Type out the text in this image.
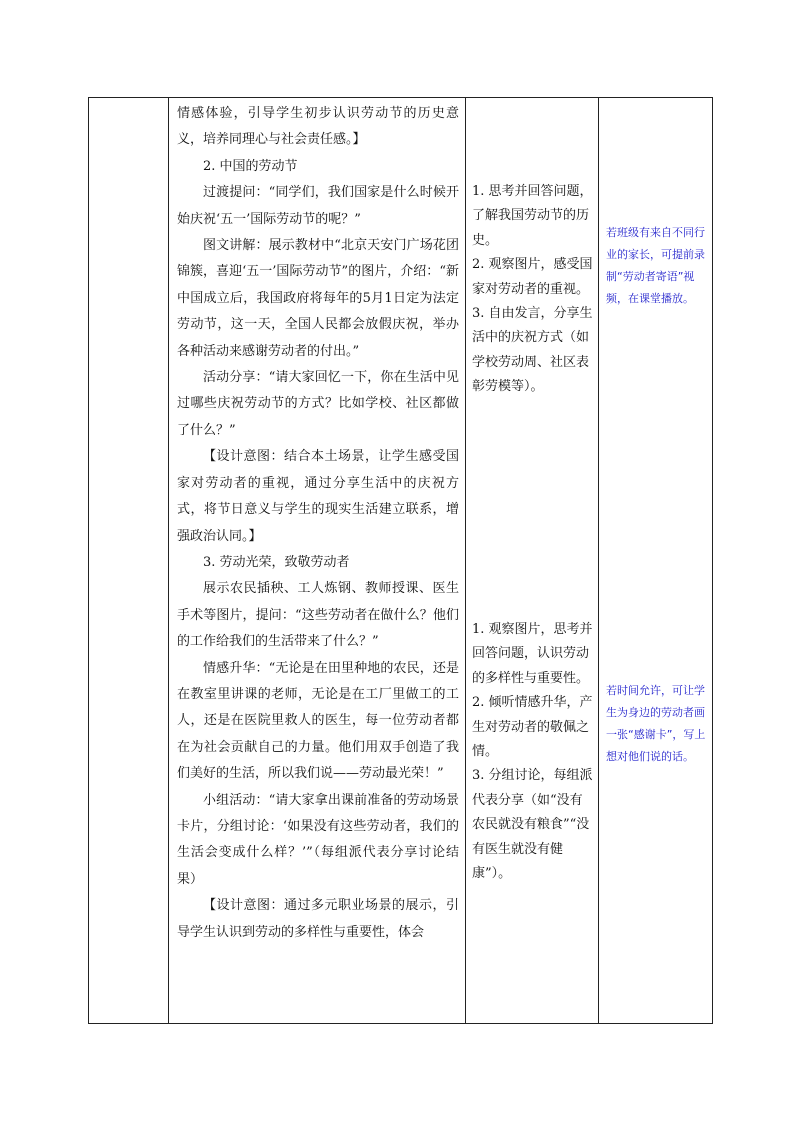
情感体验，引导学生初步认识劳动节的历史意义，培养同理心与社会责任感。】

2. 中国的劳动节

过渡提问：“同学们，我们国家是什么时候开始庆祝‘五一’国际劳动节的呢？”

图文讲解：展示教材中“北京天安门广场花团锦簇，喜迎‘五一’国际劳动节”的图片，介绍：“新中国成立后，我国政府将每年的5月1日定为法定劳动节，这一天，全国人民都会放假庆祝，举办各种活动来感谢劳动者的付出。”

活动分享：“请大家回忆一下，你在生活中见过哪些庆祝劳动节的方式？比如学校、社区都做了什么？”

【设计意图：结合本土场景，让学生感受国家对劳动者的重视，通过分享生活中的庆祝方式，将节日意义与学生的现实生活建立联系，增强政治认同。】

3. 劳动光荣，致敬劳动者

展示农民插秧、工人炼钢、教师授课、医生手术等图片，提问：“这些劳动者在做什么？他们的工作给我们的生活带来了什么？”

情感升华：“无论是在田里种地的农民，还是在教室里讲课的老师，无论是在工厂里做工的工人，还是在医院里救人的医生，每一位劳动者都在为社会贡献自己的力量。他们用双手创造了我们美好的生活，所以我们说——劳动最光荣！”

小组活动：“请大家拿出课前准备的劳动场景卡片，分组讨论：‘如果没有这些劳动者，我们的生活会变成什么样？’”（每组派代表分享讨论结果）

【设计意图：通过多元职业场景的展示，引导学生认识到劳动的多样性与重要性，体会

1. 思考并回答问题，了解我国劳动节的历史。

2. 观察图片，感受国家对劳动者的重视。

3. 自由发言，分享生活中的庆祝方式（如学校劳动周、社区表彰劳模等）。

1. 观察图片，思考并回答问题，认识劳动的多样性与重要性。

2. 倾听情感升华，产生对劳动者的敬佩之情。

3. 分组讨论，每组派代表分享（如“没有农民就没有粮食”“没有医生就没有健康”）。

若班级有来自不同行业的家长，可提前录制“劳动者寄语”视频，在课堂播放。

若时间允许，可让学生为身边的劳动者画一张“感谢卡”，写上想对他们说的话。
